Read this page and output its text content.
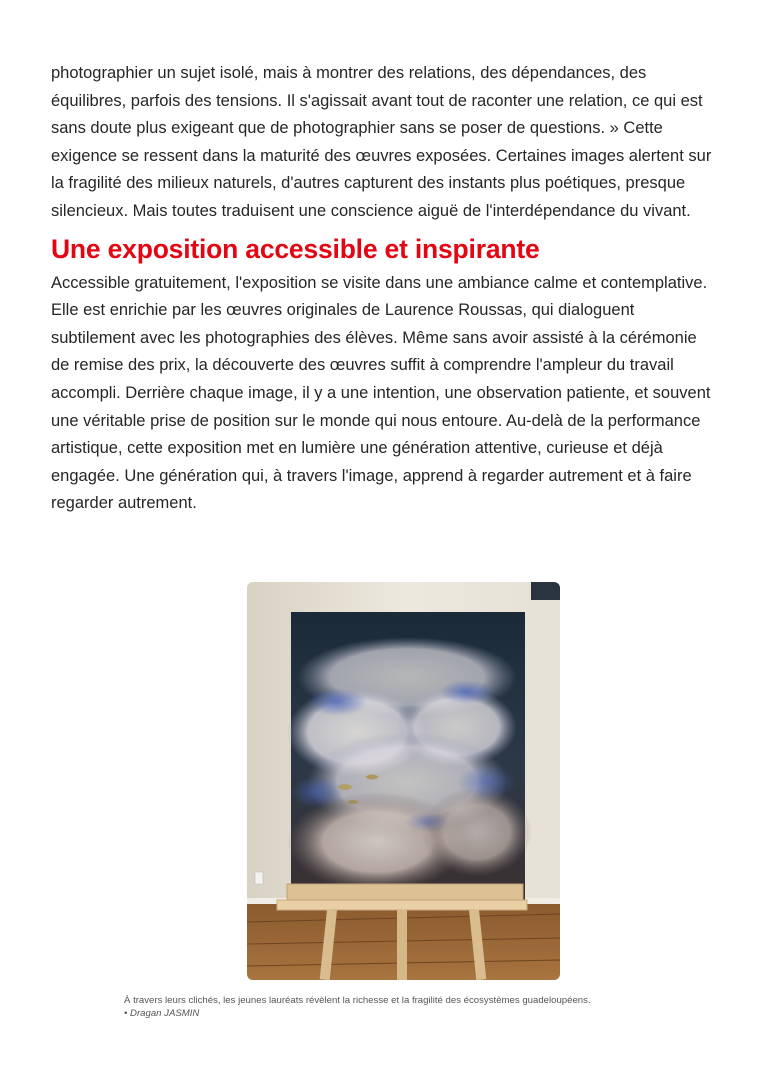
photographier un sujet isolé, mais à montrer des relations, des dépendances, des équilibres, parfois des tensions. Il s'agissait avant tout de raconter une relation, ce qui est sans doute plus exigeant que de photographier sans se poser de questions. » Cette exigence se ressent dans la maturité des œuvres exposées. Certaines images alertent sur la fragilité des milieux naturels, d'autres capturent des instants plus poétiques, presque silencieux. Mais toutes traduisent une conscience aiguë de l'interdépendance du vivant.

Une exposition accessible et inspirante

Accessible gratuitement, l'exposition se visite dans une ambiance calme et contemplative. Elle est enrichie par les œuvres originales de Laurence Roussas, qui dialoguent subtilement avec les photographies des élèves. Même sans avoir assisté à la cérémonie de remise des prix, la découverte des œuvres suffit à comprendre l'ampleur du travail accompli. Derrière chaque image, il y a une intention, une observation patiente, et souvent une véritable prise de position sur le monde qui nous entoure. Au-delà de la performance artistique, cette exposition met en lumière une génération attentive, curieuse et déjà engagée. Une génération qui, à travers l'image, apprend à regarder autrement et à faire regarder autrement.

À travers leurs clichés, les jeunes lauréats révèlent la richesse et la fragilité des écosystèmes guadeloupéens.
• Dragan JASMIN
